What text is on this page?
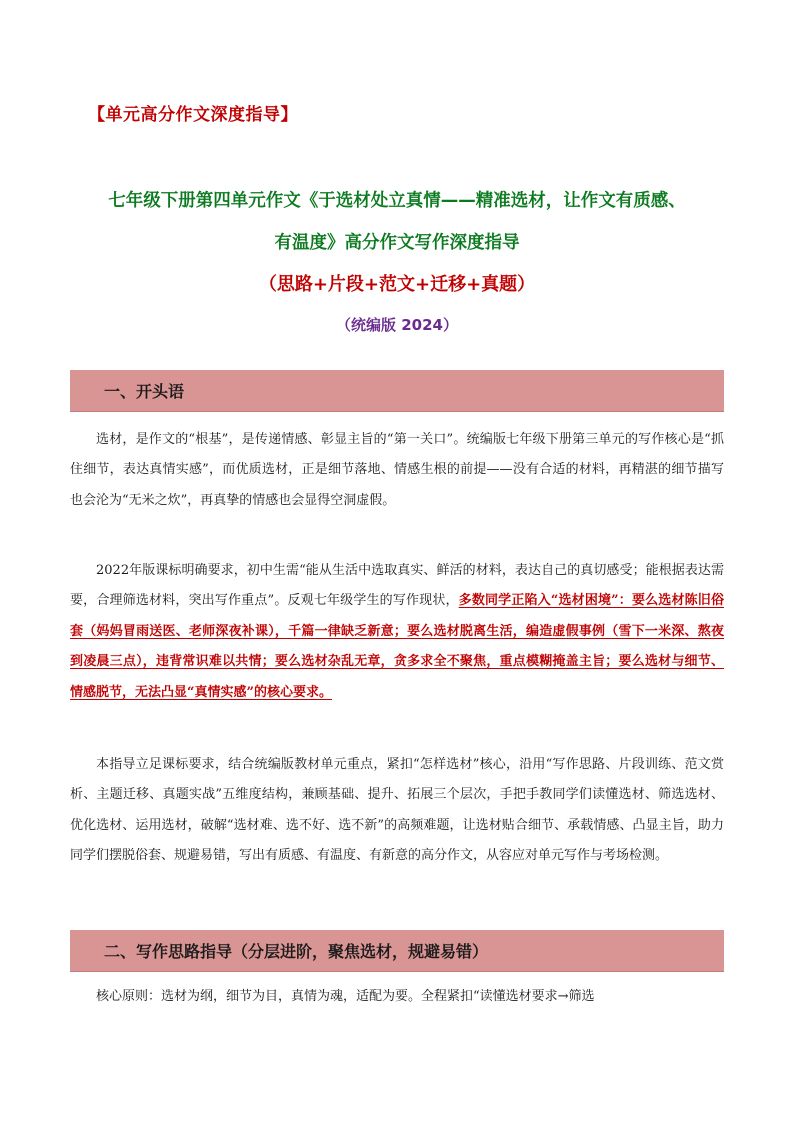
【单元高分作文深度指导】
七年级下册第四单元作文《于选材处立真情——精准选材，让作文有质感、
有温度》高分作文写作深度指导
（思路+片段+范文+迁移+真题）
（统编版 2024）
一、开头语

选材，是作文的“根基”，是传递情感、彰显主旨的“第一关口”。统编版七年级下册第三单元的写作核心是“抓住细节，表达真情实感”，而优质选材，正是细节落地、情感生根的前提——没有合适的材料，再精湛的细节描写也会沦为“无米之炊”，再真挚的情感也会显得空洞虚假。

2022年版课标明确要求，初中生需“能从生活中选取真实、鲜活的材料，表达自己的真切感受；能根据表达需要，合理筛选材料，突出写作重点”。反观七年级学生的写作现状，多数同学正陷入“选材困境”：要么选材陈旧俗套（妈妈冒雨送医、老师深夜补课），千篇一律缺乏新意；要么选材脱离生活，编造虚假事例（雪下一米深、熬夜到凌晨三点），违背常识难以共情；要么选材杂乱无章，贪多求全不聚焦，重点模糊掩盖主旨；要么选材与细节、情感脱节，无法凸显“真情实感”的核心要求。

本指导立足课标要求，结合统编版教材单元重点，紧扣“怎样选材”核心，沿用“写作思路、片段训练、范文赏析、主题迁移、真题实战”五维度结构，兼顾基础、提升、拓展三个层次，手把手教同学们读懂选材、筛选选材、优化选材、运用选材，破解“选材难、选不好、选不新”的高频难题，让选材贴合细节、承载情感、凸显主旨，助力同学们摆脱俗套、规避易错，写出有质感、有温度、有新意的高分作文，从容应对单元写作与考场检测。

二、写作思路指导（分层进阶，聚焦选材，规避易错）

核心原则：选材为纲，细节为目，真情为魂，适配为要。全程紧扣“读懂选材要求→筛选
